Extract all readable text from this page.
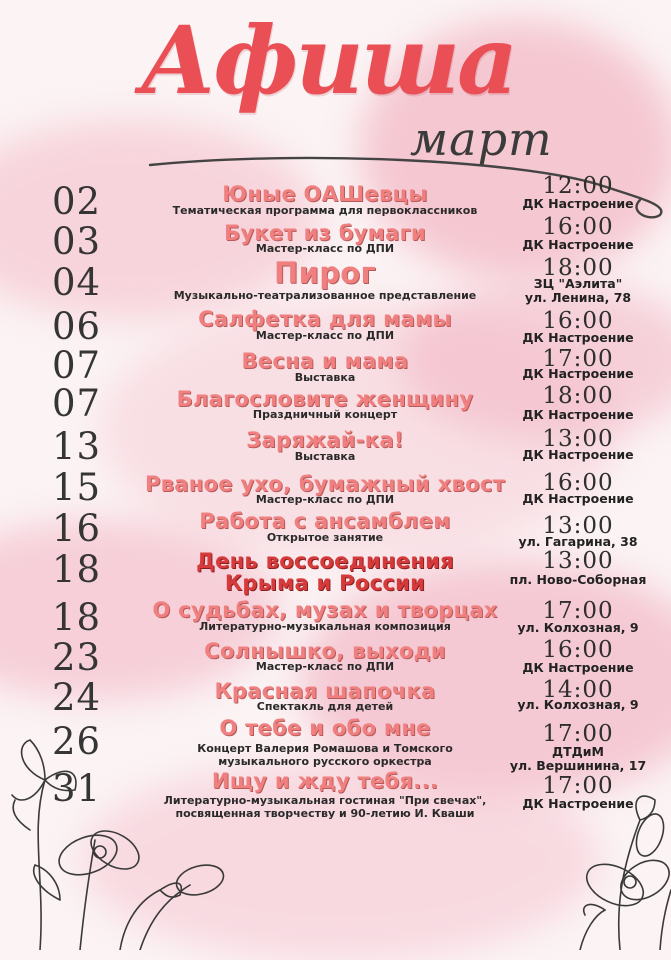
Афиша
март
02	Юные ОАШевцы
Тематическая программа для первоклассников
12:00
ДК Настроение
03	Букет из бумаги
Мастер-класс по ДПИ
16:00
ДК Настроение
04	Пирог
Музыкально-театрализованное представление
18:00
ЗЦ "Аэлита"
ул. Ленина, 78
06	Салфетка для мамы
Мастер-класс по ДПИ
16:00
ДК Настроение
07	Весна и мама
Выставка
17:00
ДК Настроение
07	Благословите женщину
Праздничный концерт
18:00
ДК Настроение
13	Заряжай-ка!
Выставка
13:00
ДК Настроение
15	Рваное ухо, бумажный хвост
Мастер-класс по ДПИ
16:00
ДК Настроение
16	Работа с ансамблем
Открытое занятие	13:00
ул. Гагарина, 38
18	День воссоединения
Крыма и России
13:00
пл. Ново-Соборная
18	О судьбах, музах и творцах
Литературно-музыкальная композиция
17:00
ул. Колхозная, 9
23	Солнышко, выходи
Мастер-класс по ДПИ
16:00
ДК Настроение
24	Красная шапочка
Спектакль для детей
14:00
ул. Колхозная, 9
26	О тебе и обо мне
Концерт Валерия Ромашова и Томского
музыкального русского оркестра
17:00
ДТДиМ
ул. Вершинина, 17
31	Ищу и жду тебя...
Литературно-музыкальная гостиная "При свечах",
посвященная творчеству и 90-летию И. Кваши
17:00
ДК Настроение
